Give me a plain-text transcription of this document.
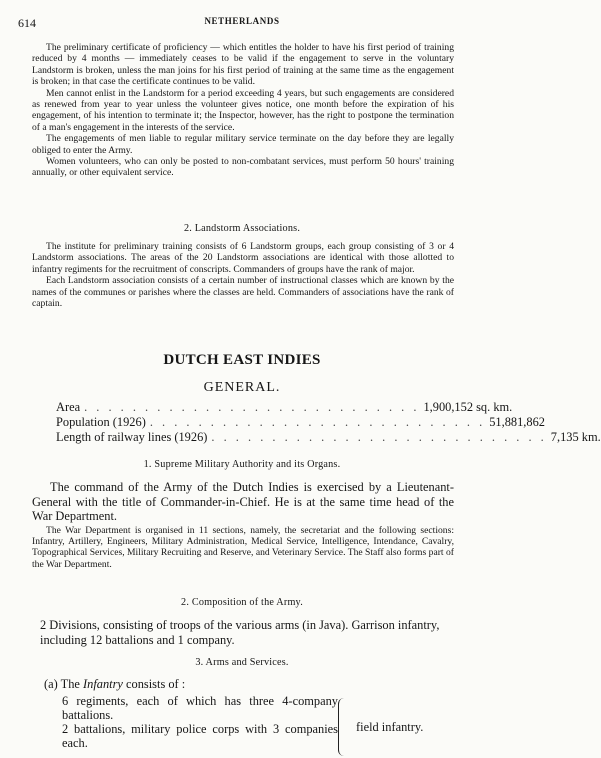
614	NETHERLANDS

The preliminary certificate of proficiency — which entitles the holder to have his first period of training reduced by 4 months — immediately ceases to be valid if the engagement to serve in the voluntary Landstorm is broken, unless the man joins for his first period of training at the same time as the engagement is broken; in that case the certificate continues to be valid.

Men cannot enlist in the Landstorm for a period exceeding 4 years, but such engagements are considered as renewed from year to year unless the volunteer gives notice, one month before the expiration of his engagement, of his intention to terminate it; the Inspector, however, has the right to postpone the termination of a man's engagement in the interests of the service.

The engagements of men liable to regular military service terminate on the day before they are legally obliged to enter the Army.

Women volunteers, who can only be posted to non-combatant services, must perform 50 hours' training annually, or other equivalent service.

2. Landstorm Associations.

The institute for preliminary training consists of 6 Landstorm groups, each group consisting of 3 or 4 Landstorm associations. The areas of the 20 Landstorm associations are identical with those allotted to infantry regiments for the recruitment of conscripts. Commanders of groups have the rank of major.

Each Landstorm association consists of a certain number of instructional classes which are known by the names of the communes or parishes where the classes are held. Commanders of associations have the rank of captain.

DUTCH EAST INDIES
GENERAL.
Area . . . . . . . . . . . . . . . . . . . . . . . . . . . . 1,900,152 sq. km.
Population (1926) . . . . . . . . . . . . . . . . . . . . . . . . . . . . 51,881,862
Length of railway lines (1926) . . . . . . . . . . . . . . . . . . . . . . . . . . . . 7,135 km.
1. Supreme Military Authority and its Organs.

The command of the Army of the Dutch Indies is exercised by a Lieutenant-General with the title of Commander-in-Chief. He is at the same time head of the War Department.

The War Department is organised in 11 sections, namely, the secretariat and the following sections: Infantry, Artillery, Engineers, Military Administration, Medical Service, Intelligence, Intendance, Cavalry, Topographical Services, Military Recruiting and Reserve, and Veterinary Service. The Staff also forms part of the War Department.

2. Composition of the Army.

2 Divisions, consisting of troops of the various arms (in Java). Garrison infantry, including 12 battalions and 1 company.

3. Arms and Services.
(a) The Infantry consists of :
6 regiments, each of which has three 4-company battalions.
2 battalions, military police corps with 3 companies each.
field infantry.
